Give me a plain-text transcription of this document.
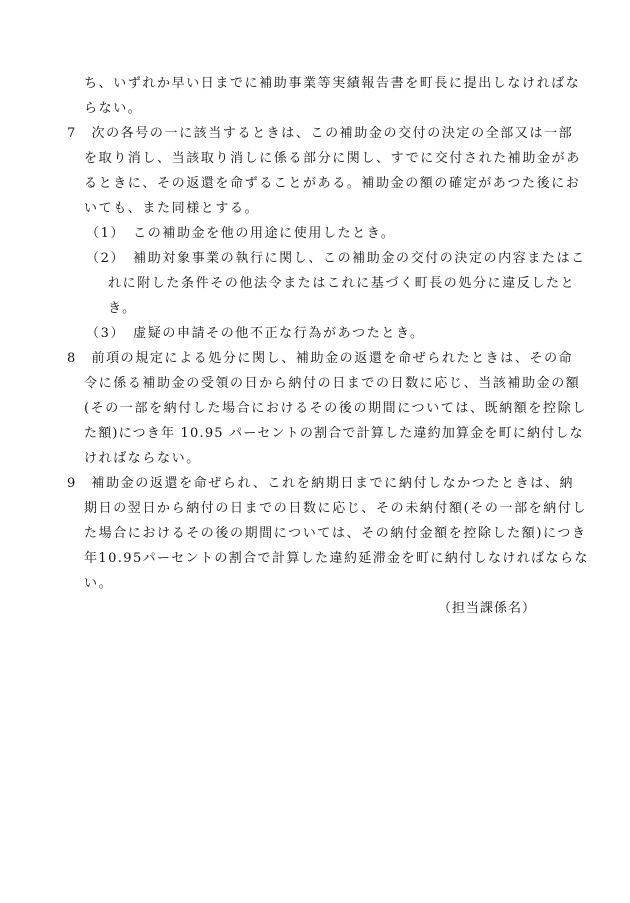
ち、いずれか早い日までに補助事業等実績報告書を町長に提出しなければな
らない。
7　次の各号の一に該当するときは、この補助金の交付の決定の全部又は一部
を取り消し、当該取り消しに係る部分に関し、すでに交付された補助金があ
るときに、その返還を命ずることがある。補助金の額の確定があつた後にお
いても、また同様とする。
（1）　この補助金を他の用途に使用したとき。
（2）　補助対象事業の執行に関し、この補助金の交付の決定の内容またはこ
れに附した条件その他法令またはこれに基づく町長の処分に違反したと
き。
（3）　虚疑の申請その他不正な行為があつたとき。
8　前項の規定による処分に関し、補助金の返還を命ぜられたときは、その命
令に係る補助金の受領の日から納付の日までの日数に応じ、当該補助金の額
(その一部を納付した場合におけるその後の期間については、既納額を控除し
た額)につき年 10.95 パーセントの割合で計算した違約加算金を町に納付しな
ければならない。
9　補助金の返還を命ぜられ、これを納期日までに納付しなかつたときは、納
期日の翌日から納付の日までの日数に応じ、その未納付額(その一部を納付し
た場合におけるその後の期間については、その納付金額を控除した額)につき
年10.95パーセントの割合で計算した違約延滞金を町に納付しなければならな
い。
（担当課係名）
